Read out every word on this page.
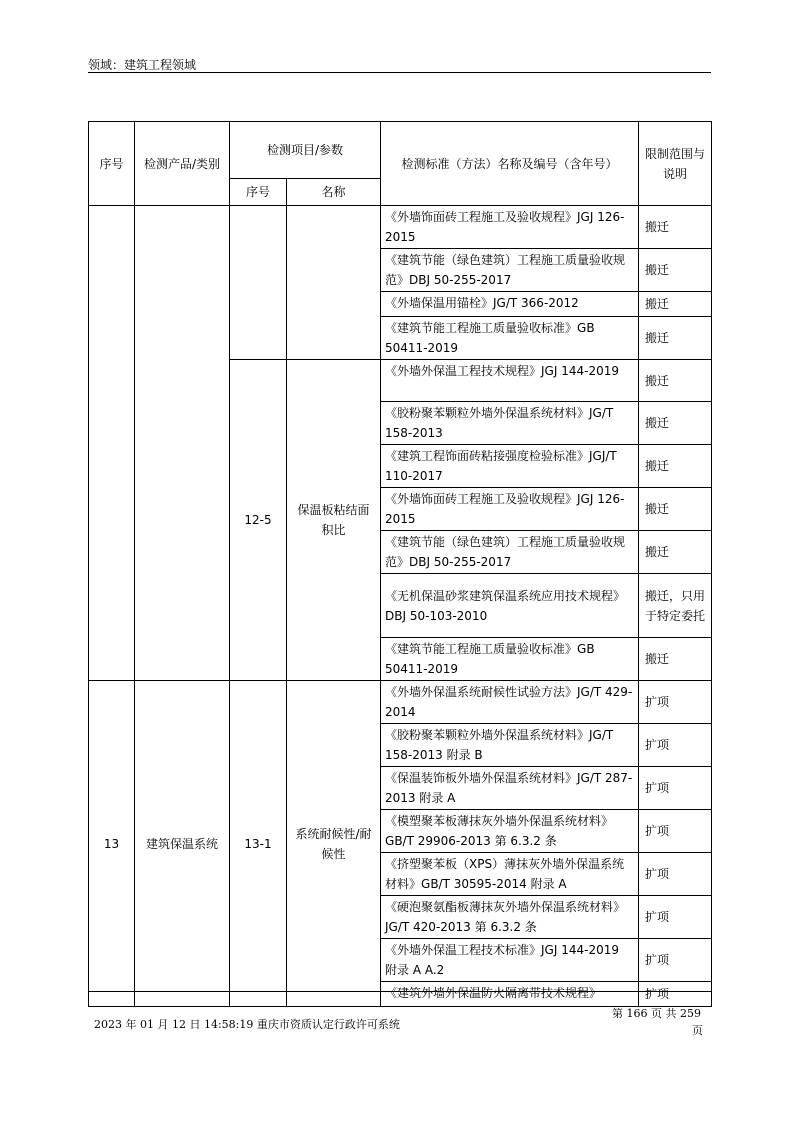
领域：建筑工程领域
序号	检测产品/类别	检测项目/参数		检测标准（方法）名称及编号（含年号）	限制范围与说明
		序号	名称		
				《外墙饰面砖工程施工及验收规程》JGJ 126-2015	搬迁
				《建筑节能（绿色建筑）工程施工质量验收规范》DBJ 50-255-2017	搬迁
				《外墙保温用锚栓》JG/T 366-2012	搬迁
				《建筑节能工程施工质量验收标准》GB 50411-2019	搬迁
		12-5	保温板粘结面积比	《外墙外保温工程技术规程》JGJ 144-2019	搬迁
				《胶粉聚苯颗粒外墙外保温系统材料》JG/T 158-2013	搬迁
				《建筑工程饰面砖粘接强度检验标准》JGJ/T 110-2017	搬迁
				《外墙饰面砖工程施工及验收规程》JGJ 126-2015	搬迁
				《建筑节能（绿色建筑）工程施工质量验收规范》DBJ 50-255-2017	搬迁
				《无机保温砂浆建筑保温系统应用技术规程》DBJ 50-103-2010	搬迁，只用于特定委托
				《建筑节能工程施工质量验收标准》GB 50411-2019	搬迁
13	建筑保温系统	13-1	系统耐候性/耐候性	《外墙外保温系统耐候性试验方法》JG/T 429-2014	扩项
				《胶粉聚苯颗粒外墙外保温系统材料》JG/T 158-2013 附录 B	扩项
				《保温装饰板外墙外保温系统材料》JG/T 287-2013 附录 A	扩项
				《模塑聚苯板薄抹灰外墙外保温系统材料》GB/T 29906-2013 第 6.3.2 条	扩项
				《挤塑聚苯板（XPS）薄抹灰外墙外保温系统材料》GB/T 30595-2014 附录 A	扩项
				《硬泡聚氨酯板薄抹灰外墙外保温系统材料》JG/T 420-2013 第 6.3.2 条	扩项
				《外墙外保温工程技术标准》JGJ 144-2019 附录 A A.2	扩项
				《建筑外墙外保温防火隔离带技术规程》	扩项
2023 年 01 月 12 日 14:58:19 重庆市资质认定行政许可系统
第 166 页 共 259
页
